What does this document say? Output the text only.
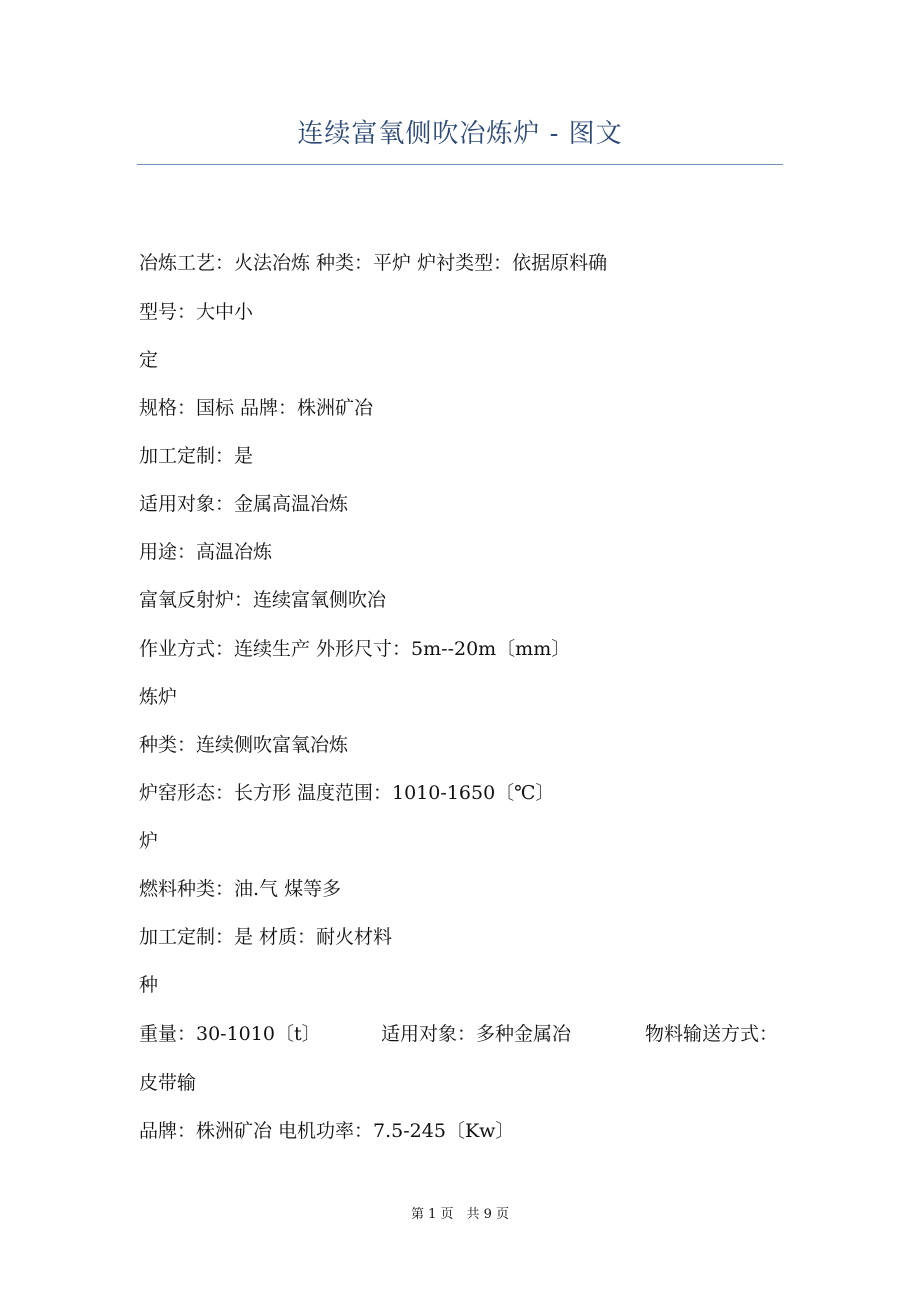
连续富氧侧吹冶炼炉 - 图文
冶炼工艺：火法冶炼 种类：平炉 炉衬类型：依据原料确
型号：大中小
定
规格：国标 品牌：株洲矿冶
加工定制：是
适用对象：金属高温冶炼
用途：高温冶炼
富氧反射炉：连续富氧侧吹冶
作业方式：连续生产 外形尺寸：5m--20m〔mm〕
炼炉
种类：连续侧吹富氧冶炼
炉窑形态：长方形 温度范围：1010-1650〔℃〕
炉
燃料种类：油.气 煤等多
加工定制：是 材质：耐火材料
种
重量：30-1010〔t〕	适用对象：多种金属冶	物料输送方式：
皮带输
品牌：株洲矿冶 电机功率：7.5-245〔Kw〕
第 1 页　共 9 页
